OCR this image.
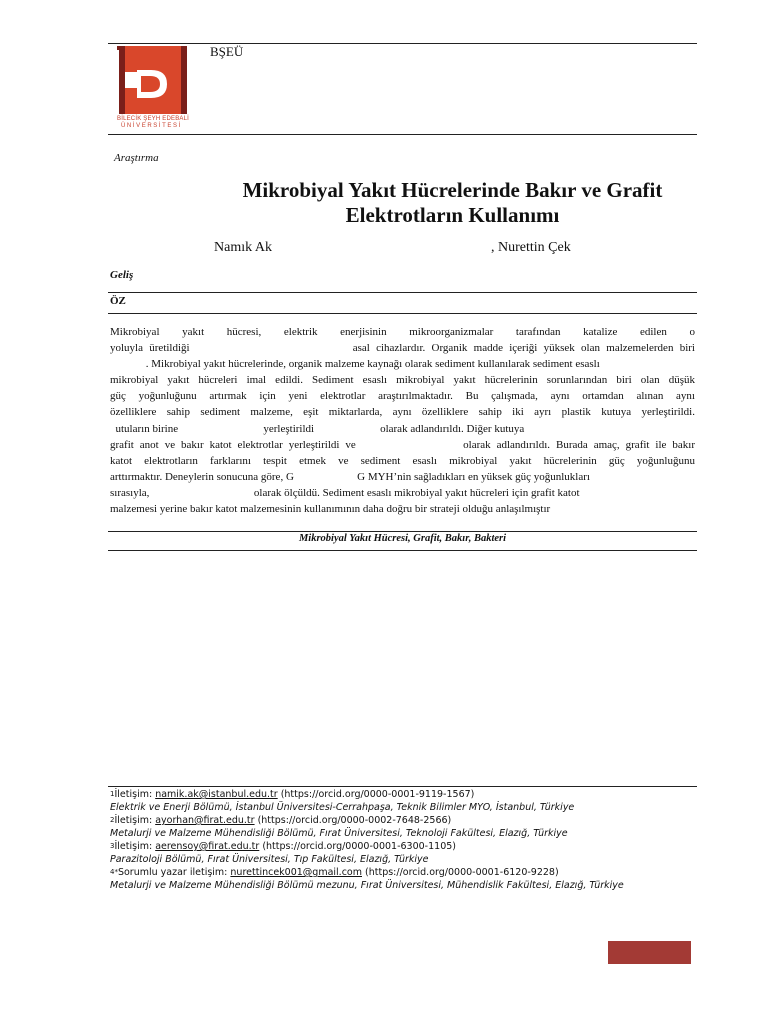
BİLECİK ŞEYH EDEBALİ
ÜNİVERSİTESİ
BŞEÜ
Araştırma
Mikrobiyal Yakıt Hücrelerinde Bakır ve Grafit Elektrotların Kullanımı
Namık Ak	, Nurettin Çek
Geliş
ÖZ
Mikrobiyal yakıt hücresi, elektrik enerjisinin mikroorganizmalar tarafından katalize edilen o
yoluyla üretildiği                          asal cihazlardır. Organik madde içeriği yüksek olan malzemelerden biri
. Mikrobiyal yakıt hücrelerinde, organik malzeme kaynağı olarak sediment kullanılarak sediment esaslı
mikrobiyal yakıt hücreleri imal edildi. Sediment esaslı mikrobiyal yakıt hücrelerinin sorunlarından biri olan düşük
güç yoğunluğunu artırmak için yeni elektrotlar araştırılmaktadır. Bu çalışmada, aynı ortamdan alınan aynı
özelliklere sahip sediment malzeme, eşit miktarlarda, aynı özelliklere sahip iki ayrı plastik kutuya yerleştirildi.
utuların birine                               yerleştirildi                        olarak adlandırıldı. Diğer kutuya
grafit anot ve bakır katot elektrotlar yerleştirildi ve                  olarak adlandırıldı. Burada amaç, grafit ile bakır
katot elektrotların farklarını tespit etmek ve sediment esaslı mikrobiyal yakıt hücrelerinin güç yoğunluğunu
arttırmaktır. Deneylerin sonucuna göre, G                       G MYH’nin sağladıkları en yüksek güç yoğunlukları
sırasıyla,                                      olarak ölçüldü. Sediment esaslı mikrobiyal yakıt hücreleri için grafit katot
malzemesi yerine bakır katot malzemesinin kullanımının daha doğru bir strateji olduğu anlaşılmıştır
Mikrobiyal Yakıt Hücresi, Grafit, Bakır, Bakteri
$^1$İletişim: namik.ak@istanbul.edu.tr (https://orcid.org/0000-0001-9119-1567)
Elektrik ve Enerji Bölümü, İstanbul Üniversitesi-Cerrahpaşa, Teknik Bilimler MYO, İstanbul, Türkiye
$^2$İletişim: ayorhan@firat.edu.tr (https://orcid.org/0000-0002-7648-2566)
Metalurji ve Malzeme Mühendisliği Bölümü, Fırat Üniversitesi, Teknoloji Fakültesi, Elazığ, Türkiye
$^3$İletişim: aerensoy@firat.edu.tr (https://orcid.org/0000-0001-6300-1105)
Parazitoloji Bölümü, Fırat Üniversitesi, Tıp Fakültesi, Elazığ, Türkiye
$^{4*}$Sorumlu yazar iletişim: nurettincek001@gmail.com (https://orcid.org/0000-0001-6120-9228)
Metalurji ve Malzeme Mühendisliği Bölümü mezunu, Fırat Üniversitesi, Mühendislik Fakültesi, Elazığ, Türkiye
